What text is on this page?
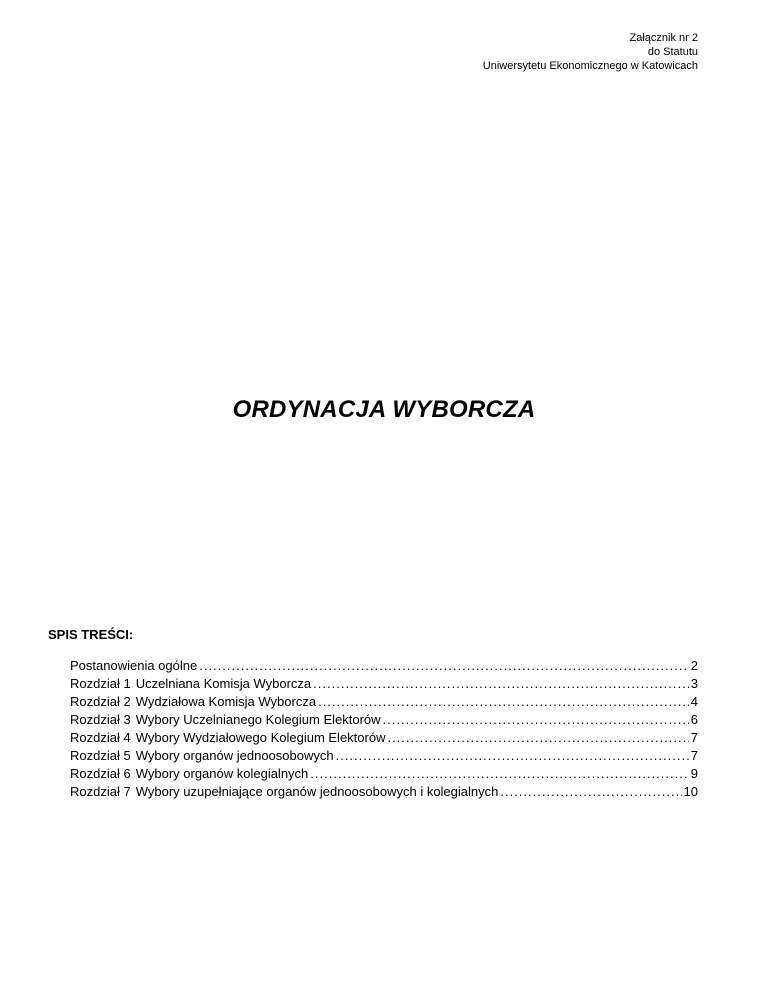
Załącznik nr 2
do Statutu
Uniwersytetu Ekonomicznego w Katowicach
ORDYNACJA WYBORCZA
SPIS TREŚCI:
Postanowienia ogólne .....	2
Rozdział 1 Uczelniana Komisja Wyborcza .....	3
Rozdział 2 Wydziałowa Komisja Wyborcza .....	4
Rozdział 3 Wybory Uczelnianego Kolegium Elektorów .....	6
Rozdział 4 Wybory Wydziałowego Kolegium Elektorów .....	7
Rozdział 5 Wybory organów jednoosobowych .....	7
Rozdział 6 Wybory organów kolegialnych .....	9
Rozdział 7 Wybory uzupełniające organów jednoosobowych i kolegialnych .....	10
